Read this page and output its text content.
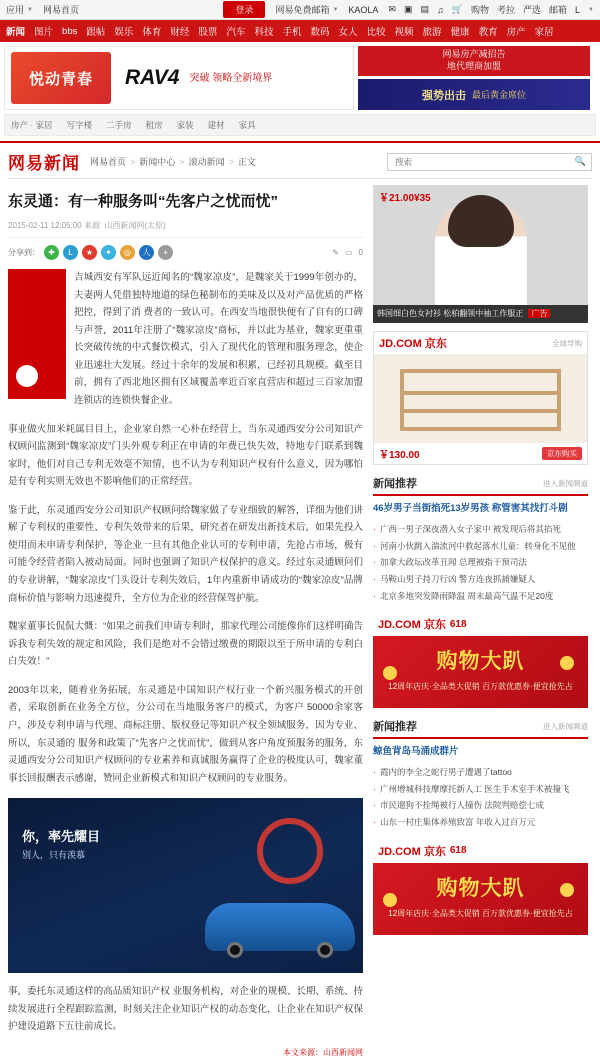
应用 ▼ 网易首页	登录	网易免费邮箱 ▼ KAOLA ✉ ▣ ▤ ♫ 🛒 购物 考拉 严选 邮箱 L ▼
新闻 图片 bbs 跟帖 娱乐 体育 财经 股票 汽车 科技 手机 数码 女人 比较 视频 旅游 健康 教育 房产 家居
悦动青春	RAV4 突破 领略全新境界
网易房产减招告
地代理商加盟
强势出击 最后黄金席位
房产 · 家居 写字楼 二手房 租房 家装 建材 家具
网易新闻 网易首页 > 新闻中心 > 滚动新闻 > 正文
搜索	🔍
东灵通：有一种服务叫“先客户之忧而忧”
2015-02-11 12:05:00 来源: 山西新闻网(太原)
分享到：	✚	L	★	✦	◎	人	+	✎ ▭ 0

吉城西安有军队远近闻名的“魏家凉皮”，是魏家关于1999年创办的，夫妻两人凭借独特地道的绿色秘制布的美味及以及对产品优质的严格把控，得到了消 费者的一致认可。在西安当地很快便有了自有的口碑与声誉，2011年注册了“魏家凉皮”商标，并以此为基业，魏家更重重长突破传统的中式餐饮模式，引入了现代化的管理和服务理念，使企业迅速壮大发展。经过十余年的发展和积累，已经初具规模。截至目前，拥有了西北地区拥有区域覆盖率近百家直营店和超过三百家加盟连锁店的连锁快餐企业。

事业做火加米耗属目目上，企业家自然一心朴在经营上，当东灵通西安分公司知识产权顾问监测到“魏家凉皮”门头外观专利正在申请的年费已快失效，特地专门联系到魏家时，他们对自己专利无效毫不知情，也不认为专利知识产权有什么意义，因为哪怕是有专利实则无效也不影响他们的正常经营。

鉴于此，东灵通西安分公司知识产权顾问给魏家做了专业细致的解答，详细为他们讲解了专利权的重要性、专利失效带来的后果，研究者在研发出新技术后，如果先投入使用而未申请专利保护，等企业一旦有其他企业认可的专利申请，先抢占市场，极有可能令经营者陷入被动局面。同时也强调了知识产权保护的意义。经过东灵通顾问们的专业讲解，“魏家凉皮”门头设计专利失效后，1年内重新申请成功的“魏家凉皮”品牌商标价值与影响力迅速提升，全方位为企业的经营保驾护航。

魏家董事长侃侃大慨：“如果之前我们申请专利时，那家代理公司能像你们这样明确告诉我专利失效的规定和风险，我们是绝对不会错过缴费的期限以至于所申请的专利白白失效！”

2003年以来，随着业务拓展，东灵通是中国知识产权行业一个新兴服务模式的开创者，采取创新在业务全方位，分公司在当地服务客户的模式，为客户 50000余家客户，涉及专利申请与代理、商标注册、版权登记等知识产权全领域服务，因为专业、所以，东灵通的 服务和政策了“先客户之忧而忧”，做到从客户角度预服务的服务，东灵通西安分公司知识产权顾问的专业素养和真诚服务赢得了企业的极度认可，魏家董事长回报酬表示感谢，赞同企业新模式和知识产权顾问的专业服务。

你，率先耀目
别人，只有羡慕

事，委托东灵通这样的高品质知识产权 业服务机构，对企业的规模、长期、系统、持续发展进行全程跟踪监测，时刻关注企业知识产权的动态变化，让企业在知识产权保护建设道路下五往前成长。

本文来源：山西新闻网
￥21.00¥35
韩国细白色女衬衫 松柏翻领中袖工作服正 广告
JD.COM 京东	全球导购
￥130.00	京东购买
新闻推荐	进入新闻频道
46岁男子当街掐死13岁男孩 称管害其找打斗剧
· 广西一男子深夜潜入女子家中 被发现后将其掐死
· 河南小伙跳入湍流河中救起落水儿童：转身化不见他
· 加拿大政坛改革丑闻 总理被指干预司法
· 马鞍山男子持刀行凶 警方连夜抓捕嫌疑人
· 北京多地突发降雨降温 周末最高气温不足20度
JD.COM 京东 618
购物大趴
12周年店庆·全品类大促销 百万款优惠券·便宜抢先占
新闻推荐	进入新闻频道
鲸鱼背岛马涌成群片
· 霞内的李全之蛇行男子遭遇了tattoo
· 广州增城科技摩摩托新人工 医生手术室手术被撞飞
· 市民遛狗不拴绳被行人撞伤 法院判赔偿七成
· 山东一村庄集体养殖致富 年收入过百万元
JD.COM 京东 618
购物大趴
12周年店庆·全品类大促销 百万款优惠券·便宜抢先占
